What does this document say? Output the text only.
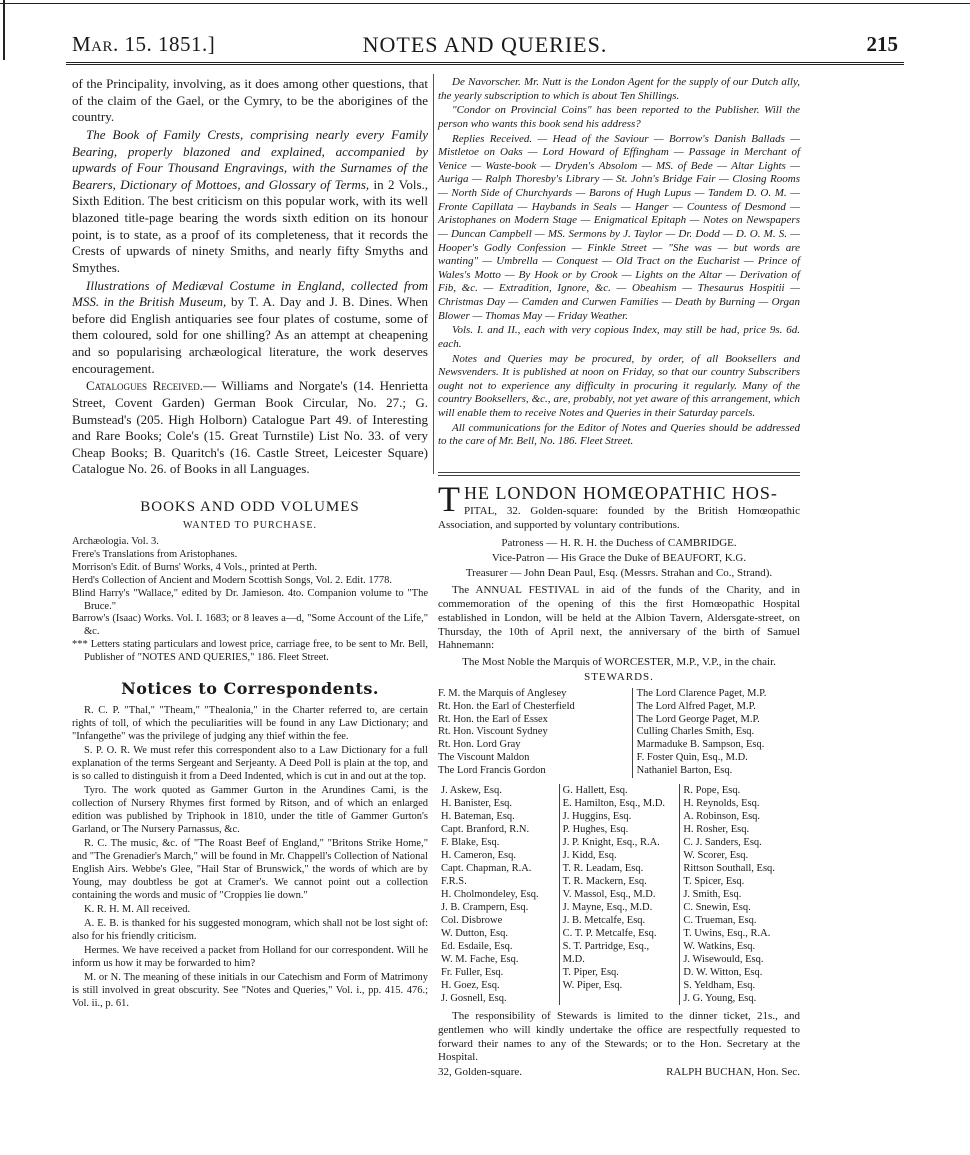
Mar. 15. 1851.]	NOTES AND QUERIES.	215

of the Principality, involving, as it does among other questions, that of the claim of the Gael, or the Cymry, to be the aborigines of the country.

The Book of Family Crests, comprising nearly every Family Bearing, properly blazoned and explained, accompanied by upwards of Four Thousand Engravings, with the Surnames of the Bearers, Dictionary of Mottoes, and Glossary of Terms, in 2 Vols., Sixth Edition. The best criticism on this popular work, with its well blazoned title-page bearing the words sixth edition on its honour point, is to state, as a proof of its completeness, that it records the Crests of upwards of ninety Smiths, and nearly fifty Smyths and Smythes.

Illustrations of Mediæval Costume in England, collected from MSS. in the British Museum, by T. A. Day and J. B. Dines. When before did English antiquaries see four plates of costume, some of them coloured, sold for one shilling? As an attempt at cheapening and so popularising archæological literature, the work deserves encouragement.

Catalogues Received.— Williams and Norgate's (14. Henrietta Street, Covent Garden) German Book Circular, No. 27.; G. Bumstead's (205. High Holborn) Catalogue Part 49. of Interesting and Rare Books; Cole's (15. Great Turnstile) List No. 33. of very Cheap Books; B. Quaritch's (16. Castle Street, Leicester Square) Catalogue No. 26. of Books in all Languages.

BOOKS AND ODD VOLUMES
WANTED TO PURCHASE.

Archæologia. Vol. 3.

Frere's Translations from Aristophanes.

Morrison's Edit. of Burns' Works, 4 Vols., printed at Perth.

Herd's Collection of Ancient and Modern Scottish Songs, Vol. 2. Edit. 1778.

Blind Harry's "Wallace," edited by Dr. Jamieson. 4to. Companion volume to "The Bruce."

Barrow's (Isaac) Works. Vol. I. 1683; or 8 leaves a—d, "Some Account of the Life," &c.

*** Letters stating particulars and lowest price, carriage free, to be sent to Mr. Bell, Publisher of "NOTES AND QUERIES," 186. Fleet Street.

Notices to Correspondents.

R. C. P. "Thal," "Theam," "Thealonia," in the Charter referred to, are certain rights of toll, of which the peculiarities will be found in any Law Dictionary; and "Infangethe" was the privilege of judging any thief within the fee.

S. P. O. R. We must refer this correspondent also to a Law Dictionary for a full explanation of the terms Sergeant and Serjeanty. A Deed Poll is plain at the top, and is so called to distinguish it from a Deed Indented, which is cut in and out at the top.

Tyro. The work quoted as Gammer Gurton in the Arundines Cami, is the collection of Nursery Rhymes first formed by Ritson, and of which an enlarged edition was published by Triphook in 1810, under the title of Gammer Gurton's Garland, or The Nursery Parnassus, &c.

R. C. The music, &c. of "The Roast Beef of England," "Britons Strike Home," and "The Grenadier's March," will be found in Mr. Chappell's Collection of National English Airs. Webbe's Glee, "Hail Star of Brunswick," the words of which are by Young, may doubtless be got at Cramer's. We cannot point out a collection containing the words and music of "Croppies lie down."

K. R. H. M. All received.

A. E. B. is thanked for his suggested monogram, which shall not be lost sight of: also for his friendly criticism.

Hermes. We have received a packet from Holland for our correspondent. Will he inform us how it may be forwarded to him?

M. or N. The meaning of these initials in our Catechism and Form of Matrimony is still involved in great obscurity. See "Notes and Queries," Vol. i., pp. 415. 476.; Vol. ii., p. 61.

De Navorscher. Mr. Nutt is the London Agent for the supply of our Dutch ally, the yearly subscription to which is about Ten Shillings.

"Condor on Provincial Coins" has been reported to the Publisher. Will the person who wants this book send his address?

Replies Received. — Head of the Saviour — Borrow's Danish Ballads — Mistletoe on Oaks — Lord Howard of Effingham — Passage in Merchant of Venice — Waste-book — Dryden's Absolom — MS. of Bede — Altar Lights — Auriga — Ralph Thoresby's Library — St. John's Bridge Fair — Closing Rooms — North Side of Churchyards — Barons of Hugh Lupus — Tandem D. O. M. — Fronte Capillata — Haybands in Seals — Hanger — Countess of Desmond — Aristophanes on Modern Stage — Enigmatical Epitaph — Notes on Newspapers — Duncan Campbell — MS. Sermons by J. Taylor — Dr. Dodd — D. O. M. S. — Hooper's Godly Confession — Finkle Street — "She was — but words are wanting" — Umbrella — Conquest — Old Tract on the Eucharist — Prince of Wales's Motto — By Hook or by Crook — Lights on the Altar — Derivation of Fib, &c. — Extradition, Ignore, &c. — Obeahism — Thesaurus Hospitii — Christmas Day — Camden and Curwen Families — Death by Burning — Organ Blower — Thomas May — Friday Weather.

Vols. I. and II., each with very copious Index, may still be had, price 9s. 6d. each.

Notes and Queries may be procured, by order, of all Booksellers and Newsvenders. It is published at noon on Friday, so that our country Subscribers ought not to experience any difficulty in procuring it regularly. Many of the country Booksellers, &c., are, probably, not yet aware of this arrangement, which will enable them to receive Notes and Queries in their Saturday parcels.

All communications for the Editor of Notes and Queries should be addressed to the care of Mr. Bell, No. 186. Fleet Street.

T HE LONDON HOMŒOPATHIC HOS-

PITAL, 32. Golden-square: founded by the British Homœopathic Association, and supported by voluntary contributions.

Patroness — H. R. H. the Duchess of CAMBRIDGE.

Vice-Patron — His Grace the Duke of BEAUFORT, K.G.

Treasurer — John Dean Paul, Esq. (Messrs. Strahan and Co., Strand).

The ANNUAL FESTIVAL in aid of the funds of the Charity, and in commemoration of the opening of this the first Homœopathic Hospital established in London, will be held at the Albion Tavern, Aldersgate-street, on Thursday, the 10th of April next, the anniversary of the birth of Samuel Hahnemann:

The Most Noble the Marquis of WORCESTER, M.P., V.P., in the chair.

STEWARDS.

F. M. the Marquis of Anglesey
Rt. Hon. the Earl of Chesterfield
Rt. Hon. the Earl of Essex
Rt. Hon. Viscount Sydney
Rt. Hon. Lord Gray
The Viscount Maldon
The Lord Francis Gordon
The Lord Clarence Paget, M.P.
The Lord Alfred Paget, M.P.
The Lord George Paget, M.P.
Culling Charles Smith, Esq.
Marmaduke B. Sampson, Esq.
F. Foster Quin, Esq., M.D.
Nathaniel Barton, Esq.
J. Askew, Esq.
H. Banister, Esq.
H. Bateman, Esq.
Capt. Branford, R.N.
F. Blake, Esq.
H. Cameron, Esq.
Capt. Chapman, R.A. F.R.S.
H. Cholmondeley, Esq.
J. B. Crampern, Esq.
Col. Disbrowe
W. Dutton, Esq.
Ed. Esdaile, Esq.
W. M. Fache, Esq.
Fr. Fuller, Esq.
H. Goez, Esq.
J. Gosnell, Esq.
G. Hallett, Esq.
E. Hamilton, Esq., M.D.
J. Huggins, Esq.
P. Hughes, Esq.
J. P. Knight, Esq., R.A.
J. Kidd, Esq.
T. R. Leadam, Esq.
T. R. Mackern, Esq.
V. Massol, Esq., M.D.
J. Mayne, Esq., M.D.
J. B. Metcalfe, Esq.
C. T. P. Metcalfe, Esq.
S. T. Partridge, Esq.,
M.D.
T. Piper, Esq.
W. Piper, Esq.
R. Pope, Esq.
H. Reynolds, Esq.
A. Robinson, Esq.
H. Rosher, Esq.
C. J. Sanders, Esq.
W. Scorer, Esq.
Rittson Southall, Esq.
T. Spicer, Esq.
J. Smith, Esq.
C. Snewin, Esq.
C. Trueman, Esq.
T. Uwins, Esq., R.A.
W. Watkins, Esq.
J. Wisewould, Esq.
D. W. Witton, Esq.
S. Yeldham, Esq.
J. G. Young, Esq.

The responsibility of Stewards is limited to the dinner ticket, 21s., and gentlemen who will kindly undertake the office are respectfully requested to forward their names to any of the Stewards; or to the Hon. Secretary at the Hospital.

32, Golden-square.	RALPH BUCHAN, Hon. Sec.
